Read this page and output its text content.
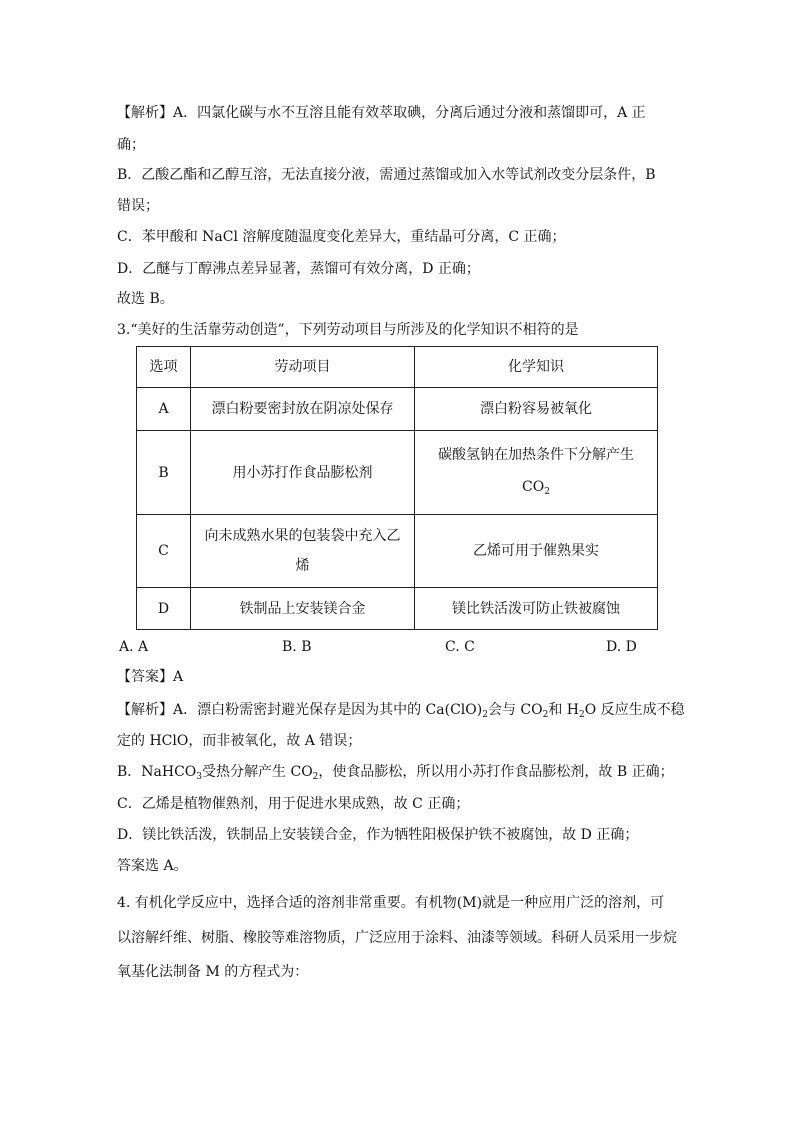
【解析】A．四氯化碳与水不互溶且能有效萃取碘，分离后通过分液和蒸馏即可，A 正
确；
B．乙酸乙酯和乙醇互溶，无法直接分液，需通过蒸馏或加入水等试剂改变分层条件，B
错误；
C．苯甲酸和 NaCl 溶解度随温度变化差异大，重结晶可分离，C 正确；
D．乙醚与丁醇沸点差异显著，蒸馏可有效分离，D 正确；
故选 B。
3.“美好的生活靠劳动创造”，下列劳动项目与所涉及的化学知识不相符的是
选项	劳动项目	化学知识
A	漂白粉要密封放在阴凉处保存	漂白粉容易被氧化
B	用小苏打作食品膨松剂	碳酸氢钠在加热条件下分解产生
$CO_2$

C	向未成熟水果的包装袋中充入乙
烯	乙烯可用于催熟果实
D	铁制品上安装镁合金	镁比铁活泼可防止铁被腐蚀
A. A	B. B	C. C	D. D
【答案】A
【解析】A．漂白粉需密封避光保存是因为其中的 $Ca(ClO)_2$会与 $CO_2$和 $H_2O$ 反应生成不稳
定的 HClO，而非被氧化，故 A 错误；
B．NaHCO$_3$受热分解产生 $CO_2$，使食品膨松，所以用小苏打作食品膨松剂，故 B 正确；
C．乙烯是植物催熟剂，用于促进水果成熟，故 C 正确；
D．镁比铁活泼，铁制品上安装镁合金，作为牺牲阳极保护铁不被腐蚀，故 D 正确；
答案选 A。
4. 有机化学反应中，选择合适的溶剂非常重要。有机物(M)就是一种应用广泛的溶剂，可
以溶解纤维、树脂、橡胶等难溶物质，广泛应用于涂料、油漆等领域。科研人员采用一步烷
氧基化法制备 M 的方程式为：
